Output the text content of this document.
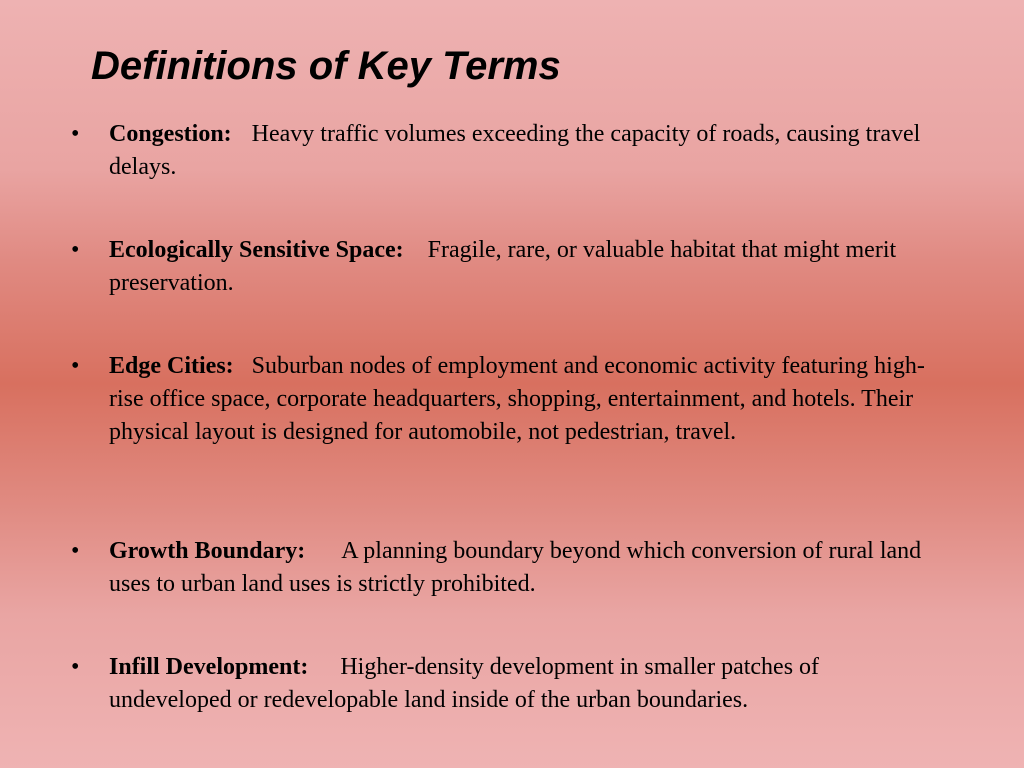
Definitions of Key Terms
• Congestion: Heavy traffic volumes exceeding the capacity of roads, causing travel delays.
• Ecologically Sensitive Space: Fragile, rare, or valuable habitat that might merit preservation.
• Edge Cities: Suburban nodes of employment and economic activity featuring high-rise office space, corporate headquarters, shopping, entertainment, and hotels. Their physical layout is designed for automobile, not pedestrian, travel.
• Growth Boundary: A planning boundary beyond which conversion of rural land uses to urban land uses is strictly prohibited.
• Infill Development: Higher-density development in smaller patches of undeveloped or redevelopable land inside of the urban boundaries.
